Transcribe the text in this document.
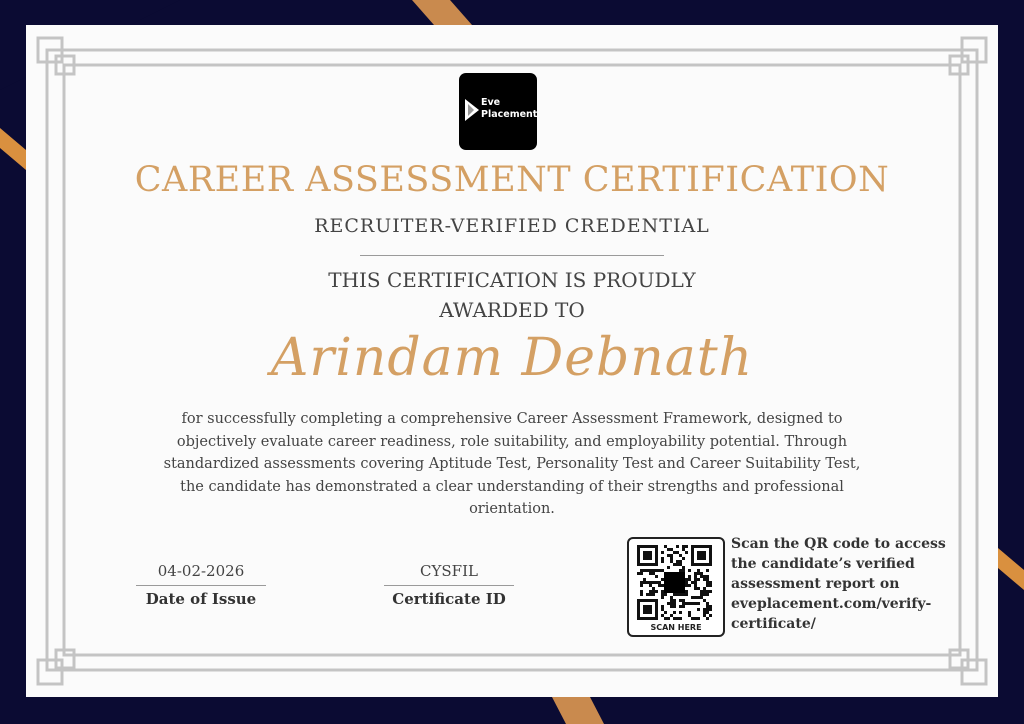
Eve
Placement
CAREER ASSESSMENT CERTIFICATION
RECRUITER-VERIFIED CREDENTIAL
THIS CERTIFICATION IS PROUDLY
AWARDED TO
Arindam Debnath
for successfully completing a comprehensive Career Assessment Framework, designed to objectively evaluate career readiness, role suitability, and employability potential. Through standardized assessments covering Aptitude Test, Personality Test and Career Suitability Test, the candidate has demonstrated a clear understanding of their strengths and professional orientation.
04-02-2026
Date of Issue
CYSFIL
Certificate ID
SCAN HERE
Scan the QR code to access the candidate’s verified assessment report on eveplacement.com/verify-certificate/
